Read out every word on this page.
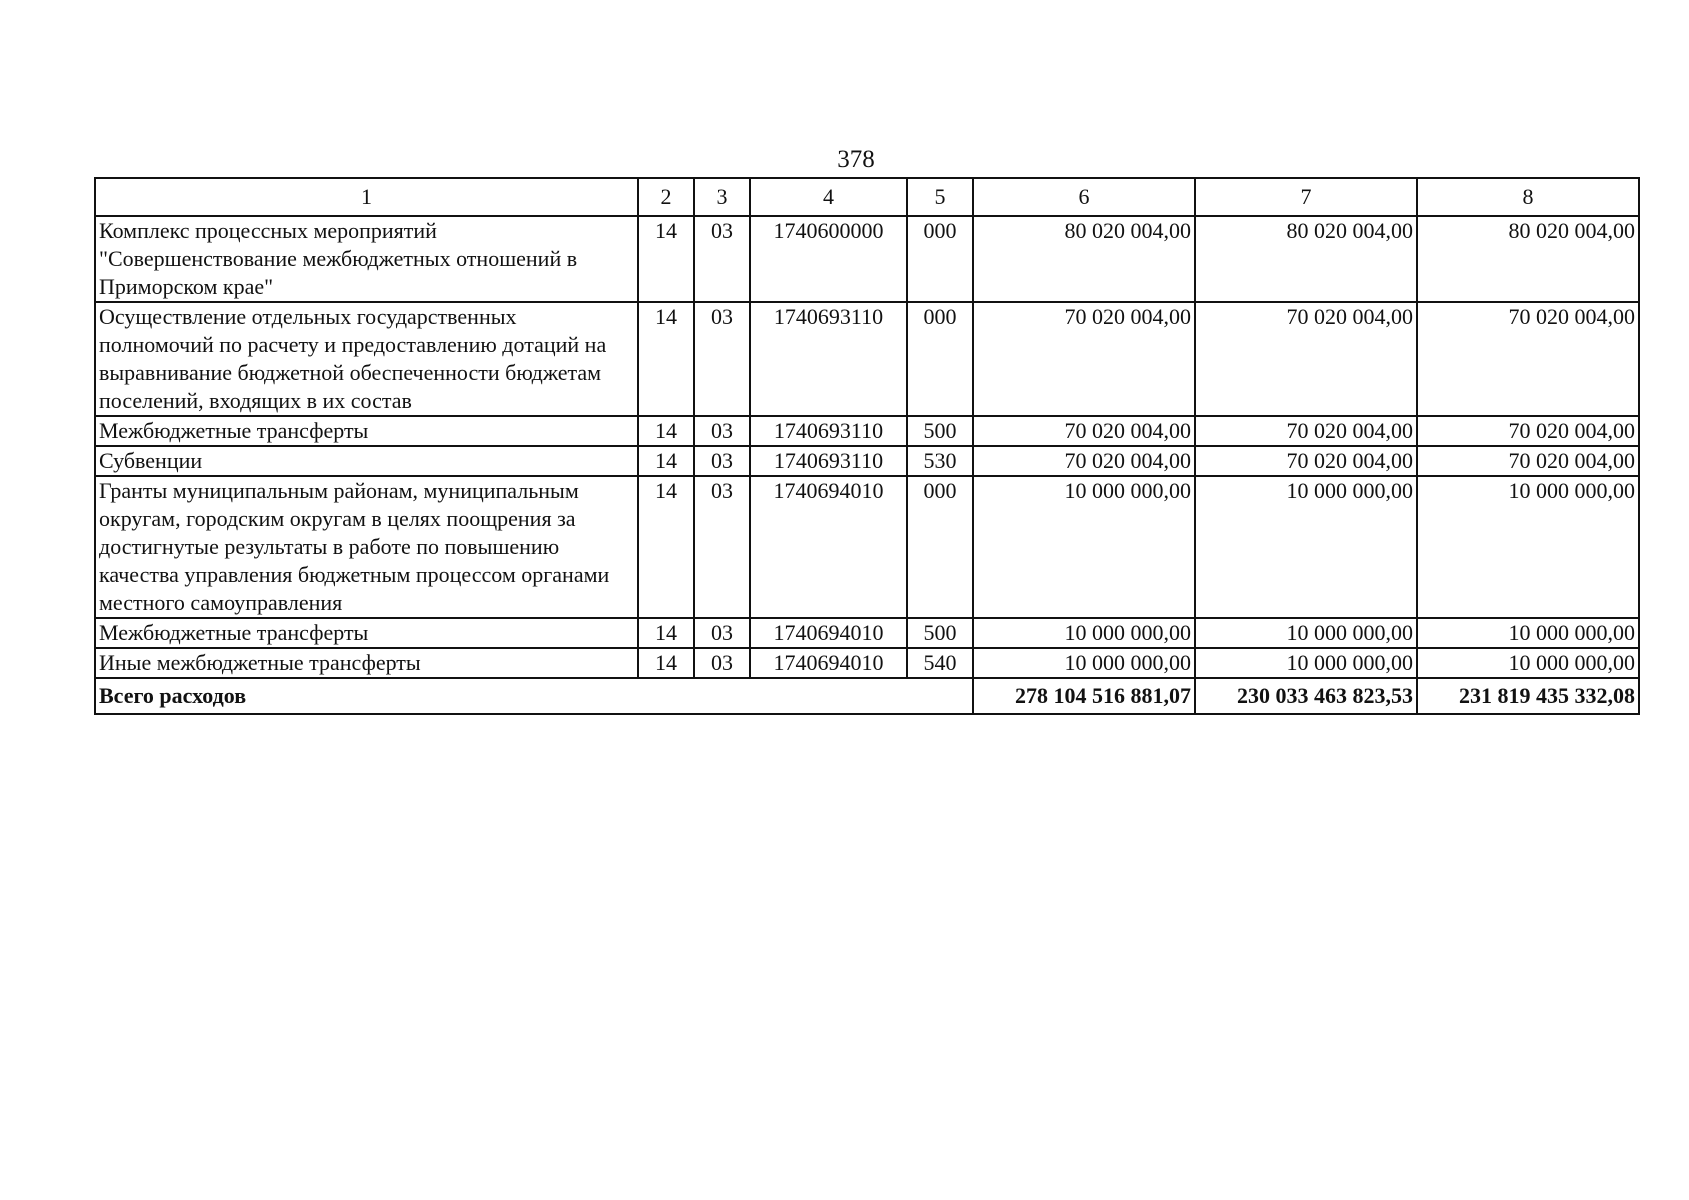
378
1	2	3	4	5	6	7	8
Комплекс процессных мероприятий "Совершенствование межбюджетных отношений в Приморском крае"	14	03	1740600000	000	80 020 004,00	80 020 004,00	80 020 004,00
Осуществление отдельных государственных полномочий по расчету и предоставлению дотаций на выравнивание бюджетной обеспеченности бюджетам поселений, входящих в их состав	14	03	1740693110	000	70 020 004,00	70 020 004,00	70 020 004,00
Межбюджетные трансферты	14	03	1740693110	500	70 020 004,00	70 020 004,00	70 020 004,00
Субвенции	14	03	1740693110	530	70 020 004,00	70 020 004,00	70 020 004,00
Гранты муниципальным районам, муниципальным округам, городским округам в целях поощрения за достигнутые результаты в работе по повышению качества управления бюджетным процессом органами местного самоуправления	14	03	1740694010	000	10 000 000,00	10 000 000,00	10 000 000,00
Межбюджетные трансферты	14	03	1740694010	500	10 000 000,00	10 000 000,00	10 000 000,00
Иные межбюджетные трансферты	14	03	1740694010	540	10 000 000,00	10 000 000,00	10 000 000,00
Всего расходов					278 104 516 881,07	230 033 463 823,53	231 819 435 332,08
